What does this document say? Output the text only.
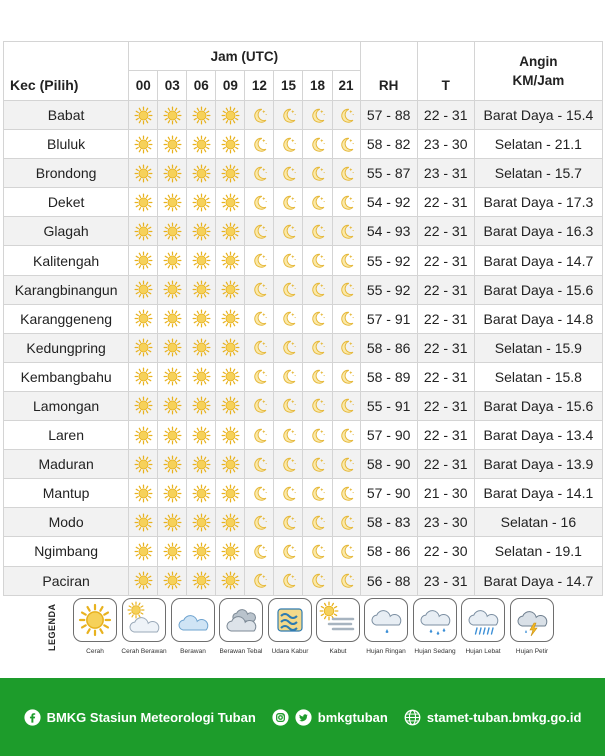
Kec (Pilih)	Jam (UTC)								RH	T	Angin
KM/Jam

	00	03	06	09	12	15	18	21			
Babat									57 - 88	22 - 31	Barat Daya - 15.4
Bluluk									58 - 82	23 - 30	Selatan - 21.1
Brondong									55 - 87	23 - 31	Selatan - 15.7
Deket									54 - 92	22 - 31	Barat Daya - 17.3
Glagah									54 - 93	22 - 31	Barat Daya - 16.3
Kalitengah									55 - 92	22 - 31	Barat Daya - 14.7
Karangbinangun									55 - 92	22 - 31	Barat Daya - 15.6
Karanggeneng									57 - 91	22 - 31	Barat Daya - 14.8
Kedungpring									58 - 86	22 - 31	Selatan - 15.9
Kembangbahu									58 - 89	22 - 31	Selatan - 15.8
Lamongan									55 - 91	22 - 31	Barat Daya - 15.6
Laren									57 - 90	22 - 31	Barat Daya - 13.4
Maduran									58 - 90	22 - 31	Barat Daya - 13.9
Mantup									57 - 90	21 - 30	Barat Daya - 14.1
Modo									58 - 83	23 - 30	Selatan - 16
Ngimbang									58 - 86	22 - 30	Selatan - 19.1
Paciran									56 - 88	23 - 31	Barat Daya - 14.7
LEGENDA
Cerah	Cerah Berawan	Berawan	Berawan Tebal	Udara Kabur	Kabut	Hujan Ringan	Hujan Sedang	Hujan Lebat	Hujan Petir
BMKG Stasiun Meteorologi Tuban	bmkgtuban	stamet-tuban.bmkg.go.id
